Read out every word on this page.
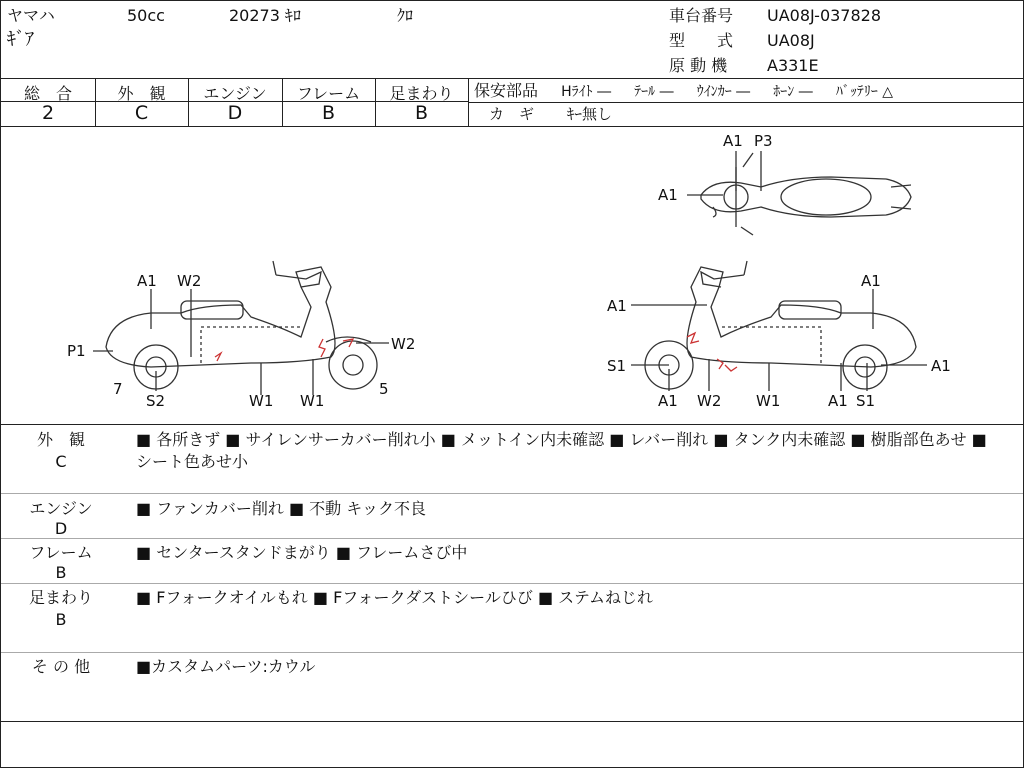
ヤマハ	50cc	20273 ｷﾛ	ｸﾛ
ｷﾞｱ
車台番号 UA08J-037828
型　　式 UA08J
原 動 機 A331E
総　合	外　観	エンジン	フレーム	足まわり
2	C	D	B	B
保安部品 Hﾗｲﾄ ― ﾃｰﾙ ― ｳｲﾝｶｰ ― ﾎｰﾝ ― ﾊﾞｯﾃﾘｰ △
カ　ギ ｷｰ無し
A1 P3
A1
A1 W2
P1
7
S2	W1 W1
W2
5
A1
A1
S1	A1
A1 W2 W1	A1 S1
外　観
C
■ 各所きず ■ サイレンサーカバー削れ小 ■ メットイン内未確認 ■ レバー削れ ■ タンク内未確認 ■ 樹脂部色あせ ■ シート色あせ小
エンジン
D
■ ファンカバー削れ ■ 不動 キック不良
フレーム
B
■ センタースタンドまがり ■ フレームさび中
足まわり
B
■ Fフォークオイルもれ ■ Fフォークダストシールひび ■ ステムねじれ
そ の 他	■カスタムパーツ:カウル
